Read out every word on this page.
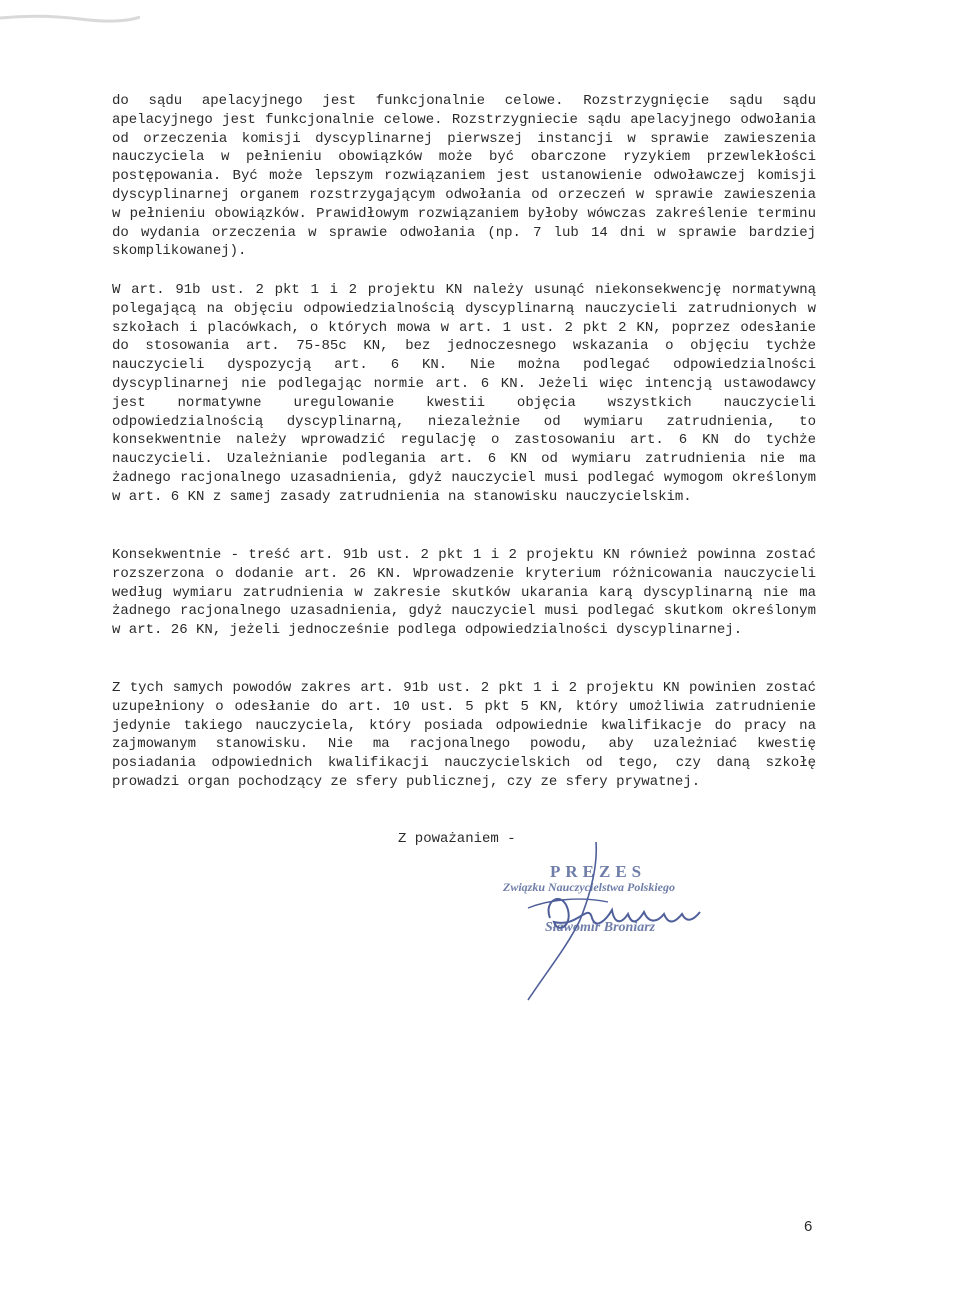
do sądu apelacyjnego jest funkcjonalnie celowe. Rozstrzygnięcie sądu sądu apelacyjnego jest funkcjonalnie celowe. Rozstrzygniecie sądu apelacyjnego odwołania od orzeczenia komisji dyscyplinarnej pierwszej instancji w sprawie zawieszenia nauczyciela w pełnieniu obowiązków może być obarczone ryzykiem przewlekłości postępowania. Być może lepszym rozwiązaniem jest ustanowienie odwoławczej komisji dyscyplinarnej organem rozstrzygającym odwołania od orzeczeń w sprawie zawieszenia w pełnieniu obowiązków. Prawidłowym rozwiązaniem byłoby wówczas zakreślenie terminu do wydania orzeczenia w sprawie odwołania (np. 7 lub 14 dni w sprawie bardziej skomplikowanej).

W art. 91b ust. 2 pkt 1 i 2 projektu KN należy usunąć niekonsekwencję normatywną polegającą na objęciu odpowiedzialnością dyscyplinarną nauczycieli zatrudnionych w szkołach i placówkach, o których mowa w art. 1 ust. 2 pkt 2 KN, poprzez odesłanie do stosowania art. 75-85c KN, bez jednoczesnego wskazania o objęciu tychże nauczycieli dyspozycją art. 6 KN. Nie można podlegać odpowiedzialności dyscyplinarnej nie podlegając normie art. 6 KN. Jeżeli więc intencją ustawodawcy jest normatywne uregulowanie kwestii objęcia wszystkich nauczycieli odpowiedzialnością dyscyplinarną, niezależnie od wymiaru zatrudnienia, to konsekwentnie należy wprowadzić regulację o zastosowaniu art. 6 KN do tychże nauczycieli. Uzależnianie podlegania art. 6 KN od wymiaru zatrudnienia nie ma żadnego racjonalnego uzasadnienia, gdyż nauczyciel musi podlegać wymogom określonym w art. 6 KN z samej zasady zatrudnienia na stanowisku nauczycielskim.

Konsekwentnie - treść art. 91b ust. 2 pkt 1 i 2 projektu KN również powinna zostać rozszerzona o dodanie art. 26 KN. Wprowadzenie kryterium różnicowania nauczycieli według wymiaru zatrudnienia w zakresie skutków ukarania karą dyscyplinarną nie ma żadnego racjonalnego uzasadnienia, gdyż nauczyciel musi podlegać skutkom określonym w art. 26 KN, jeżeli jednocześnie podlega odpowiedzialności dyscyplinarnej.

Z tych samych powodów zakres art. 91b ust. 2 pkt 1 i 2 projektu KN powinien zostać uzupełniony o odesłanie do art. 10 ust. 5 pkt 5 KN, który umożliwia zatrudnienie jedynie takiego nauczyciela, który posiada odpowiednie kwalifikacje do pracy na zajmowanym stanowisku. Nie ma racjonalnego powodu, aby uzależniać kwestię posiadania odpowiednich kwalifikacji nauczycielskich od tego, czy daną szkołę prowadzi organ pochodzący ze sfery publicznej, czy ze sfery prywatnej.

Z poważaniem -
PREZES
Związku Nauczycielstwa Polskiego
Sławomir Broniarz
6
